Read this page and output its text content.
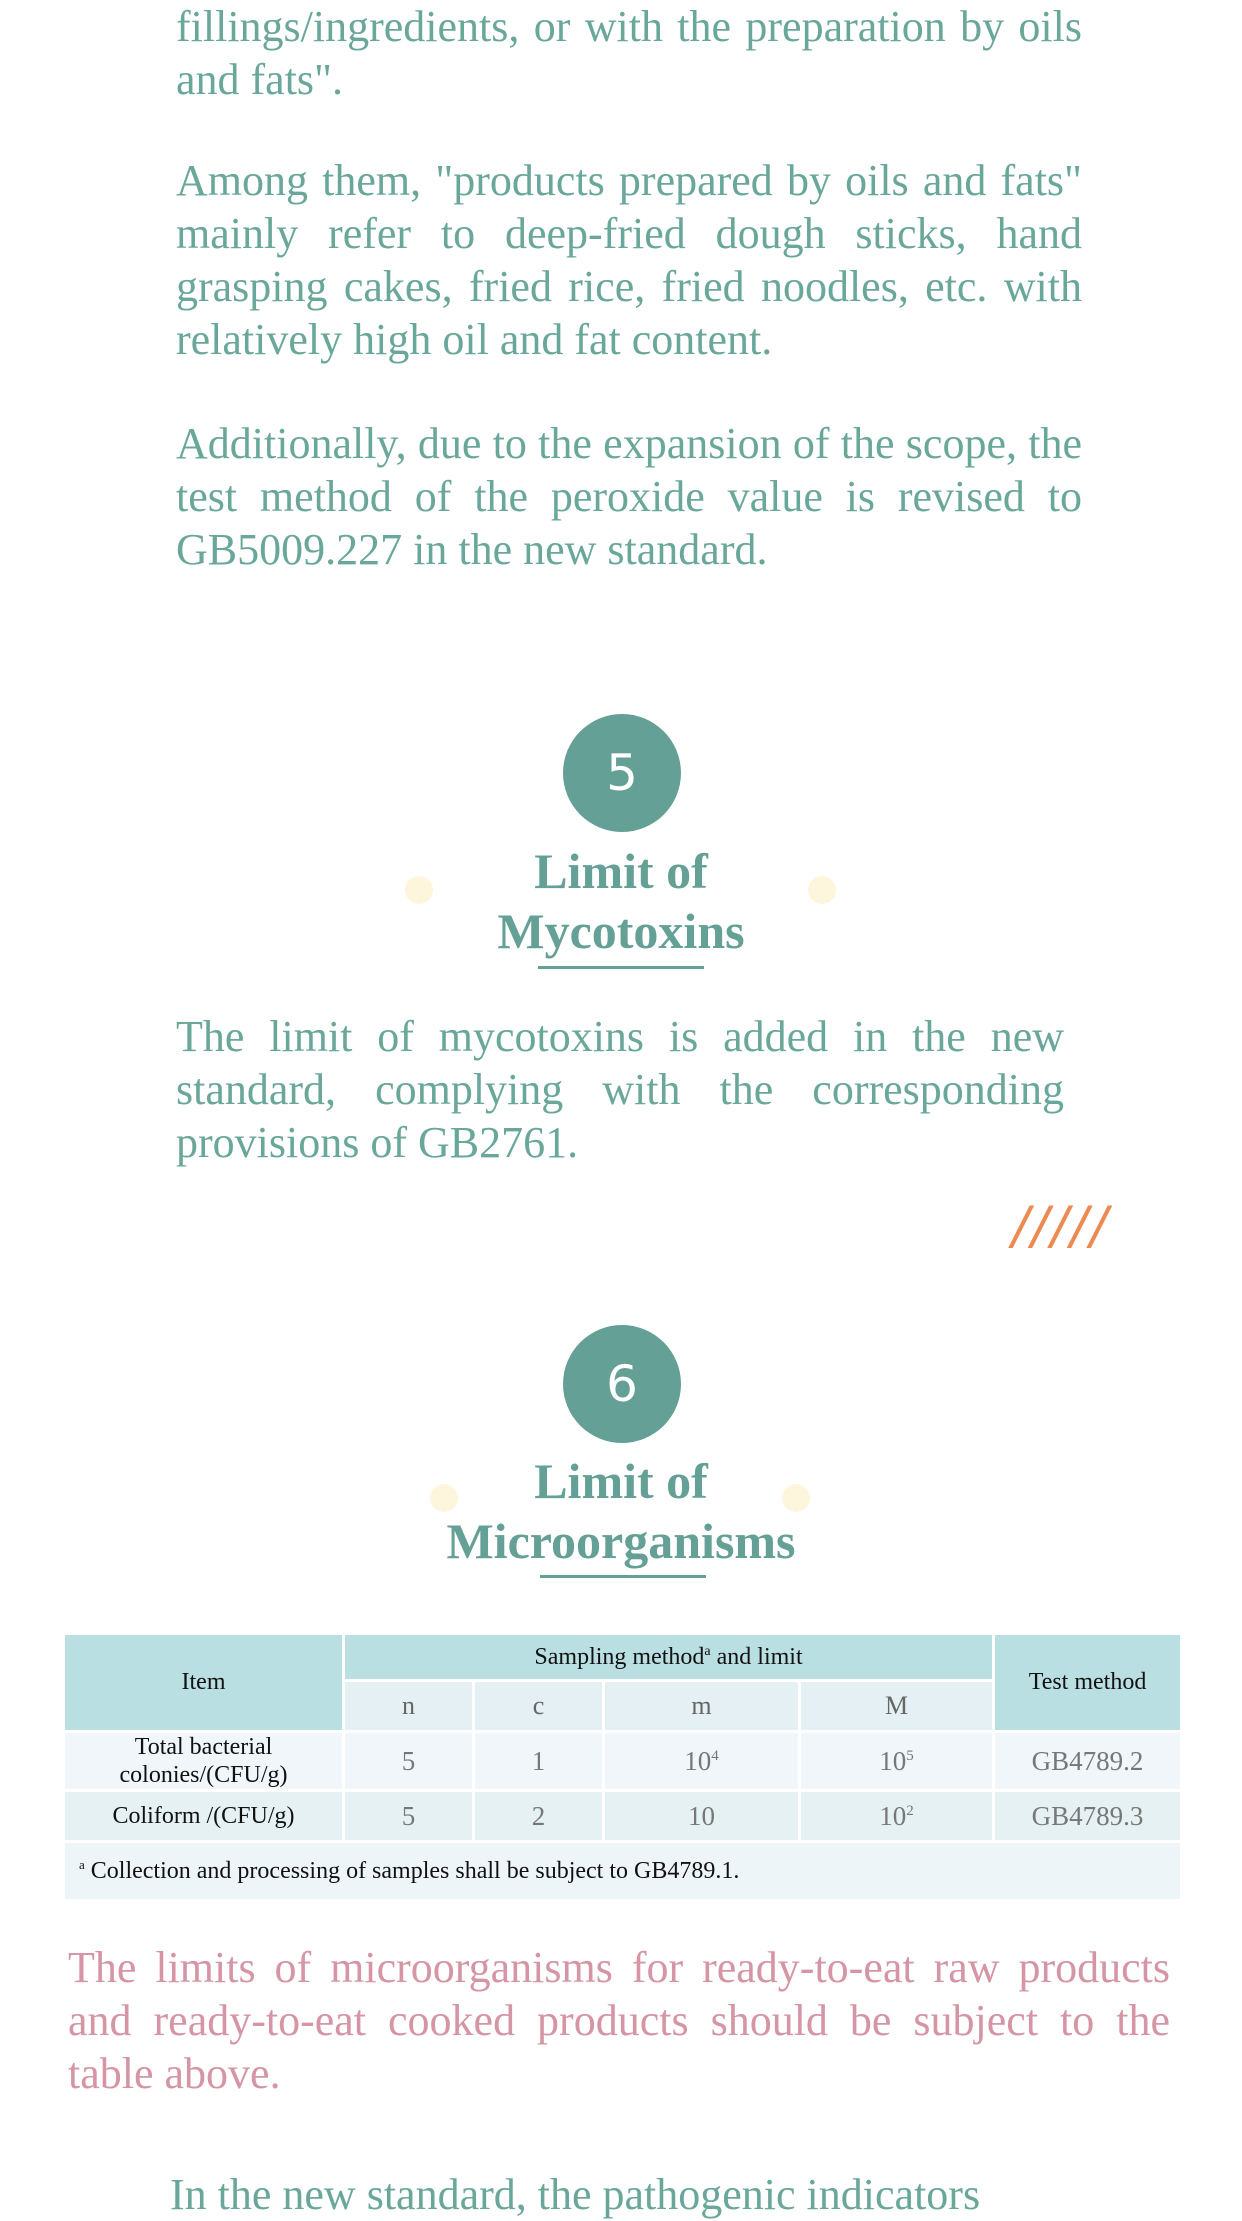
fillings/ingredients, or with the preparation by oils and fats".

Among them, "products prepared by oils and fats" mainly refer to deep-fried dough sticks, hand grasping cakes, fried rice, fried noodles, etc. with relatively high oil and fat content.

Additionally, due to the expansion of the scope, the test method of the peroxide value is revised to GB5009.227 in the new standard.

5
Limit of
Mycotoxins

The limit of mycotoxins is added in the new standard, complying with the corresponding provisions of GB2761.

/////
6
Limit of
Microorganisms
Item	Sampling method$^a$ and limit				Test method
	n	c	m	M	

Total bacterial
colonies/(CFU/g)	5	1	$10^4$	$10^5$	GB4789.2
Coliform /(CFU/g)	5	2	10	$10^2$	GB4789.3
$^a$ Collection and processing of samples shall be subject to GB4789.1.					

The limits of microorganisms for ready-to-eat raw products and ready-to-eat cooked products should be subject to the table above.

In the new standard, the pathogenic indicators
